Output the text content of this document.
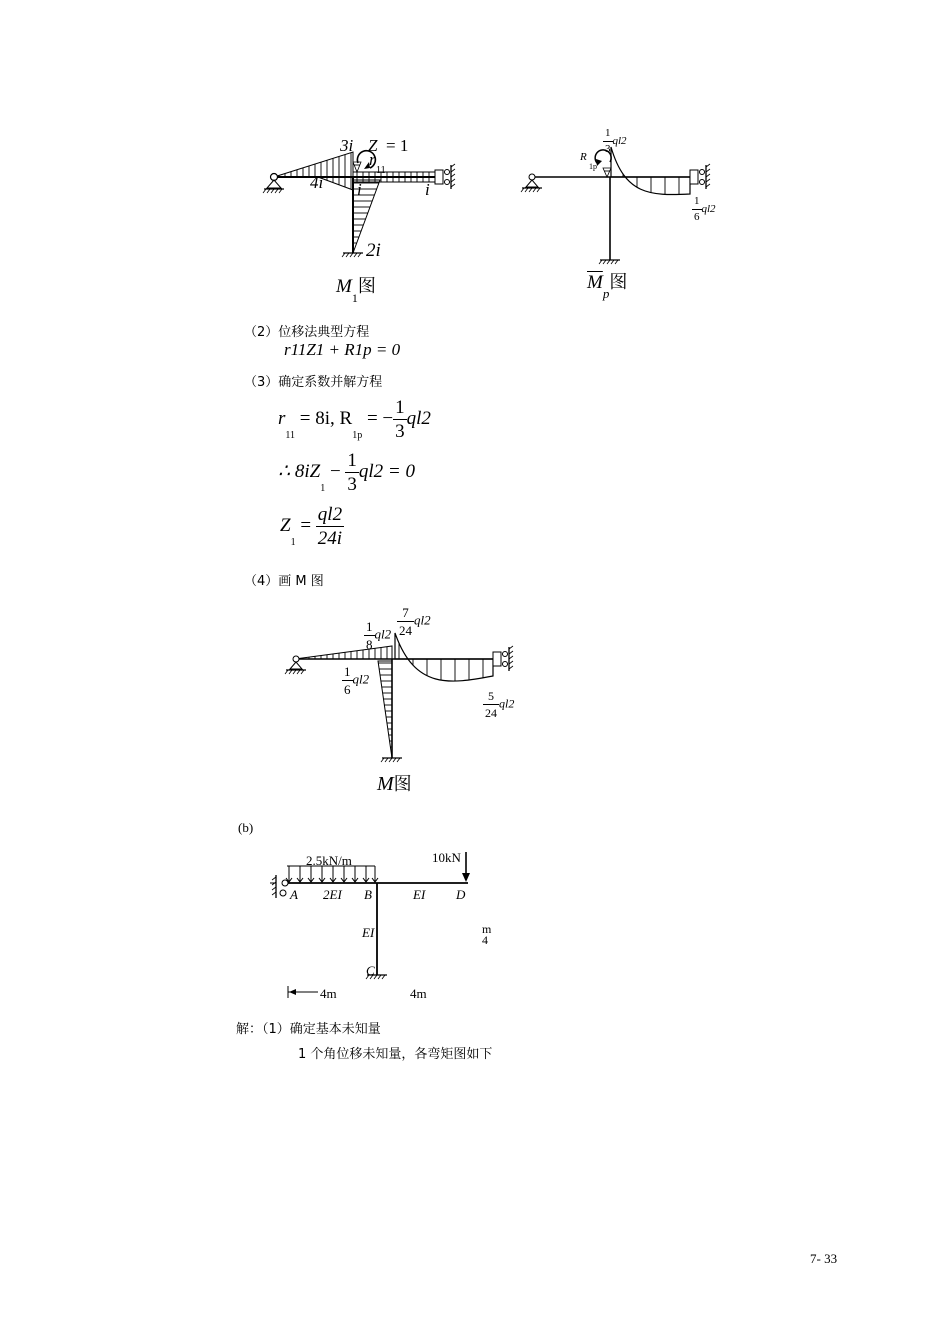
3i Z = 1
r
11
4i i	i
2i
$M_1$图
$\frac{1}{3} ql2$
R
1p
$\frac{1}{6} ql2$
$\overline{M}_p$图
（2）位移法典型方程
r11Z1 + R1p = 0
（3）确定系数并解方程
$r_{11} = 8i$, $R_{1p}$ = − $\frac{1}{3} ql2$
∴ $8iZ_1 - \frac{1}{3} ql2 = 0$
$Z_1 = \frac{ql2}{24i}$
（4）画 M 图
$\frac{1}{8} ql2 \frac{7}{24} ql2$
$\frac{1}{6} ql2$
$\frac{5}{24} ql2$
M图
(b)
2.5kN/m	10kN
A 2EI B	EI D
EI	m
4
C
4m	4m
解：（1）确定基本未知量
1 个角位移未知量，各弯矩图如下
7- 33
